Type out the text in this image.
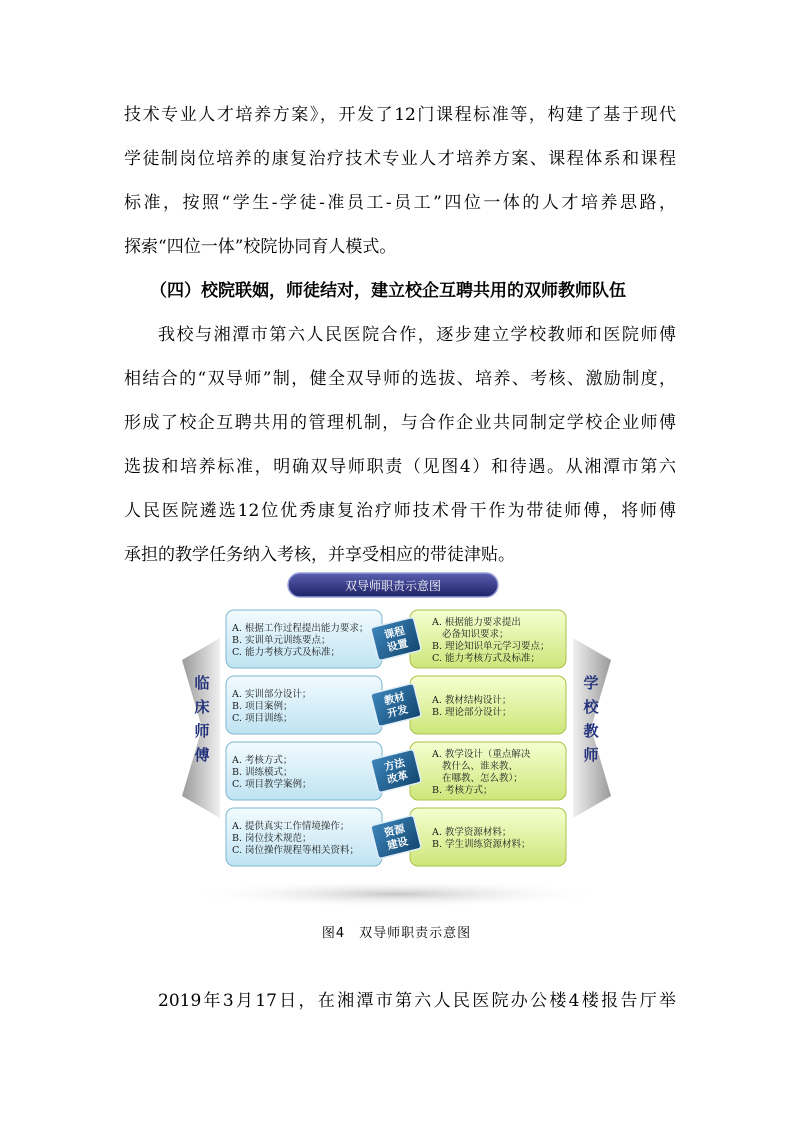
技术专业人才培养方案》，开发了12门课程标准等，构建了基于现代
学徒制岗位培养的康复治疗技术专业人才培养方案、课程体系和课程
标准，按照“学生-学徒-准员工-员工”四位一体的人才培养思路，
探索“四位一体”校院协同育人模式。
（四）校院联姻，师徒结对，建立校企互聘共用的双师教师队伍
我校与湘潭市第六人民医院合作，逐步建立学校教师和医院师傅
相结合的“双导师”制，健全双导师的选拔、培养、考核、激励制度，
形成了校企互聘共用的管理机制，与合作企业共同制定学校企业师傅
选拔和培养标准，明确双导师职责（见图4）和待遇。从湘潭市第六
人民医院遴选12位优秀康复治疗师技术骨干作为带徒师傅，将师傅
承担的教学任务纳入考核，并享受相应的带徒津贴。
双导师职责示意图
临
床
师
傅
学
校
教
师
A. 根据工作过程提出能力要求； B. 实训单元训练要点； C. 能力考核方式及标准；
A. 根据能力要求提出必备知识要求； B. 理论知识单元学习要点； C. 能力考核方式及标准；
课程设置
A. 实训部分设计； B. 项目案例； C. 项目训练；
A. 教材结构设计； B. 理论部分设计；
教材开发
A. 考核方式； B. 训练模式； C. 项目教学案例；
A. 教学设计（重点解决教什么、谁来教、在哪教、怎么教）； B. 考核方式；
方法改革
A. 提供真实工作情境操作； B. 岗位技术规范； C. 岗位操作规程等相关资料；
A. 教学资源材料； B. 学生训练资源材料；
资源建设
图4　双导师职责示意图
2019年3月17日，在湘潭市第六人民医院办公楼4楼报告厅举
